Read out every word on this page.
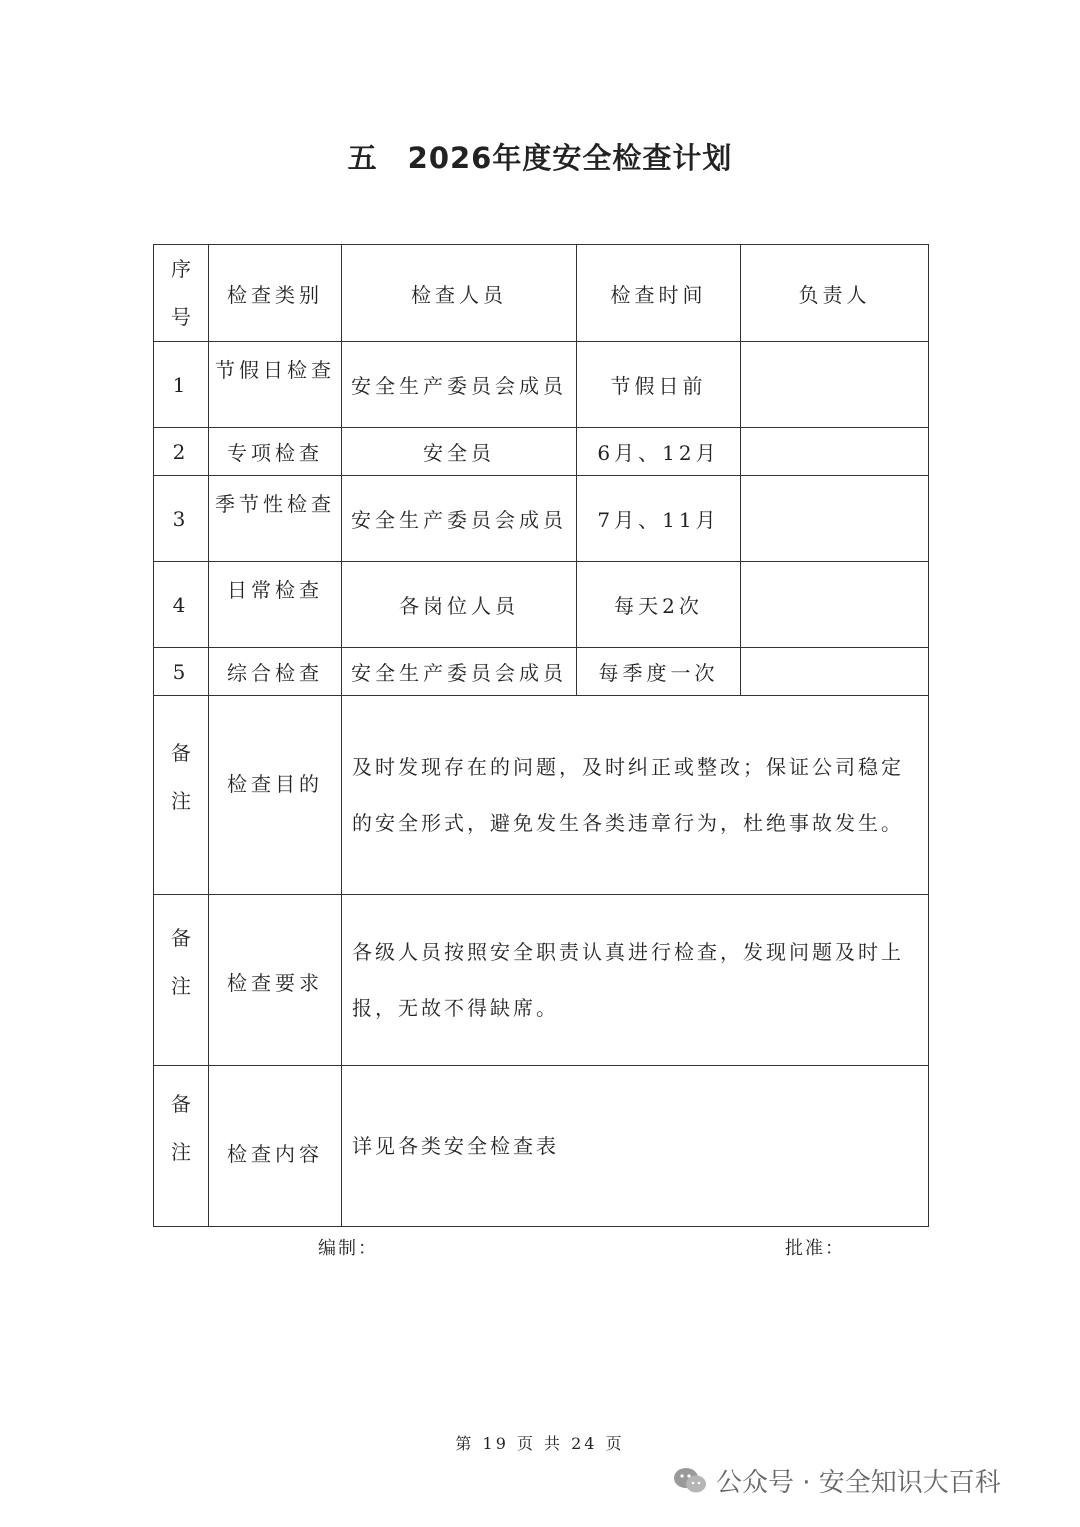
五　2026年度安全检查计划
序号	检查类别	检查人员	检查时间	负责人
1	节假日检查	安全生产委员会成员	节假日前	
2	专项检查	安全员	6月、12月	
3	季节性检查	安全生产委员会成员	7月、11月	
4	日常检查	各岗位人员	每天2次	
5	综合检查	安全生产委员会成员	每季度一次	

备注	检查目的	及时发现存在的问题，及时纠正或整改；保证公司稳定的安全形式，避免发生各类违章行为，杜绝事故发生。		

备注	检查要求	各级人员按照安全职责认真进行检查，发现问题及时上报，无故不得缺席。		

备注	检查内容	详见各类安全检查表		
编制：	批准：
第 19 页 共 24 页
公众号 · 安全知识大百科
